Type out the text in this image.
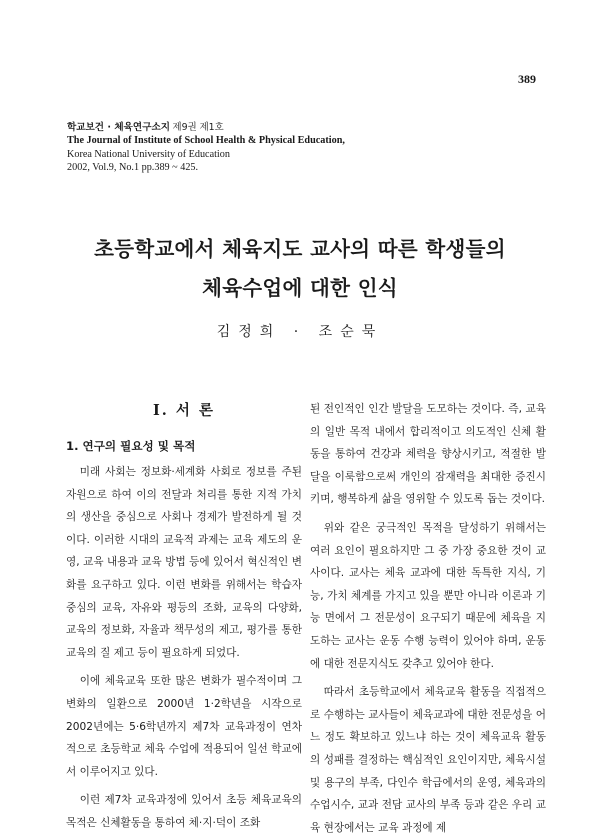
389
학교보건 · 체육연구소지 제9권 제1호
The Journal of Institute of School Health & Physical Education,
Korea National University of Education
2002, Vol.9, No.1 pp.389 ~ 425.
초등학교에서 체육지도 교사의 따른 학생들의
체육수업에 대한 인식
김정희 · 조순묵
Ⅰ. 서 론
1. 연구의 필요성 및 목적

미래 사회는 정보화·세계화 사회로 정보를 주된 자원으로 하여 이의 전달과 처리를 통한 지적 가치의 생산을 중심으로 사회나 경제가 발전하게 될 것이다. 이러한 시대의 교육적 과제는 교육 제도의 운영, 교육 내용과 교육 방법 등에 있어서 혁신적인 변화를 요구하고 있다. 이런 변화를 위해서는 학습자 중심의 교육, 자유와 평등의 조화, 교육의 다양화, 교육의 정보화, 자율과 책무성의 제고, 평가를 통한 교육의 질 제고 등이 필요하게 되었다.

이에 체육교육 또한 많은 변화가 필수적이며 그 변화의 일환으로 2000년 1·2학년을 시작으로 2002년에는 5·6학년까지 제7차 교육과정이 연차적으로 초등학교 체육 수업에 적용되어 일선 학교에서 이루어지고 있다.

이런 제7차 교육과정에 있어서 초등 체육교육의 목적은 신체활동을 통하여 체·지·덕이 조화

된 전인적인 인간 발달을 도모하는 것이다. 즉, 교육의 일반 목적 내에서 합리적이고 의도적인 신체 활동을 통하여 건강과 체력을 향상시키고, 적절한 발달을 이룩함으로써 개인의 잠재력을 최대한 증진시키며, 행복하게 삶을 영위할 수 있도록 돕는 것이다.

위와 같은 궁극적인 목적을 달성하기 위해서는 여러 요인이 필요하지만 그 중 가장 중요한 것이 교사이다. 교사는 체육 교과에 대한 독특한 지식, 기능, 가치 체계를 가지고 있을 뿐만 아니라 이론과 기능 면에서 그 전문성이 요구되기 때문에 체육을 지도하는 교사는 운동 수행 능력이 있어야 하며, 운동에 대한 전문지식도 갖추고 있어야 한다.

따라서 초등학교에서 체육교육 활동을 직접적으로 수행하는 교사들이 체육교과에 대한 전문성을 어느 정도 확보하고 있느냐 하는 것이 체육교육 활동의 성패를 결정하는 핵심적인 요인이지만, 체육시설 및 용구의 부족, 다인수 학급에서의 운영, 체육과의 수업시수, 교과 전담 교사의 부족 등과 같은 우리 교육 현장에서는 교육 과정에 제
